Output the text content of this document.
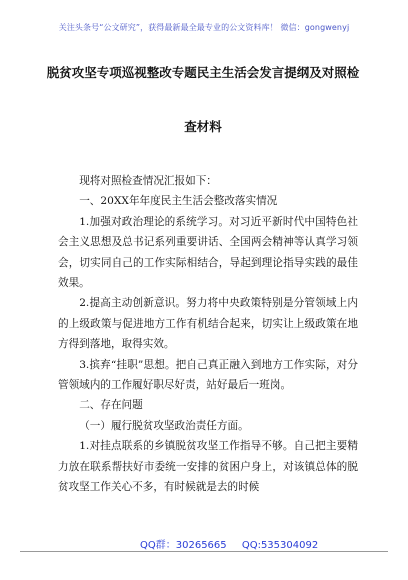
关注头条号“公文研究”，获得最新最全最专业的公文资料库！ 微信：gongwenyj
脱贫攻坚专项巡视整改专题民主生活会发言提纲及对照检
查材料

现将对照检查情况汇报如下：

一、20XX年年度民主生活会整改落实情况

1.加强对政治理论的系统学习。对习近平新时代中国特色社会主义思想及总书记系列重要讲话、全国两会精神等认真学习领会，切实同自己的工作实际相结合，导起到理论指导实践的最佳效果。

2.提高主动创新意识。努力将中央政策特别是分管领域上内的上级政策与促进地方工作有机结合起来，切实让上级政策在地方得到落地，取得实效。

3.摈弃“挂职”思想。把自己真正融入到地方工作实际，对分管领域内的工作履好职尽好责，站好最后一班岗。

二、存在问题

（一）履行脱贫攻坚政治责任方面。

1.对挂点联系的乡镇脱贫攻坚工作指导不够。自己把主要精力放在联系帮扶好市委统一安排的贫困户身上，对该镇总体的脱贫攻坚工作关心不多，有时候就是去的时候

QQ群：30265665 QQ:535304092
